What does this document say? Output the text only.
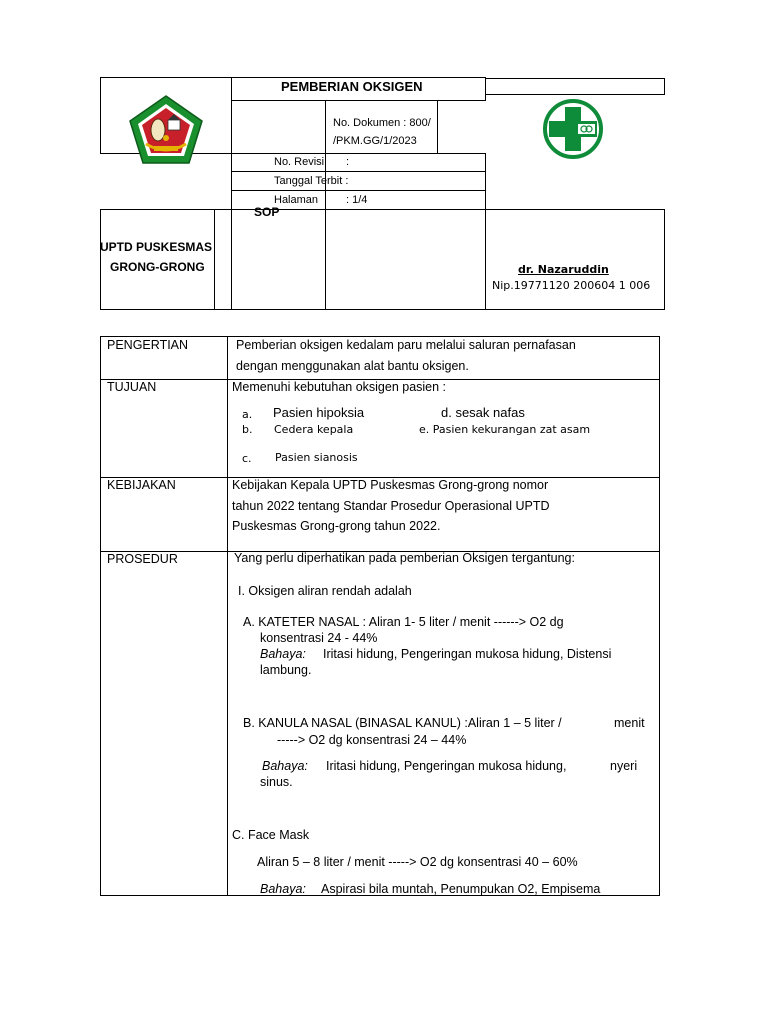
PEMBERIAN OKSIGEN
No. Dokumen : 800/
/PKM.GG/1/2023
No. Revisi :
Tanggal Terbit :
Halaman	: 1/4
SOP
UPTD PUSKESMAS
GRONG-GRONG	dr. Nazaruddin
Nip.19771120 200604 1 006
PENGERTIAN	Pemberian oksigen kedalam paru melalui saluran pernafasan
dengan menggunakan alat bantu oksigen.
TUJUAN	Memenuhi kebutuhan oksigen pasien :
a. Pasien hipoksia	d. sesak nafas
b. Cedera kepala	e. Pasien kekurangan zat asam
c. Pasien sianosis
KEBIJAKAN	Kebijakan Kepala UPTD Puskesmas Grong-grong nomor
tahun 2022 tentang Standar Prosedur Operasional UPTD
Puskesmas Grong-grong tahun 2022.
PROSEDUR	Yang perlu diperhatikan pada pemberian Oksigen tergantung:
I. Oksigen aliran rendah adalah
A. KATETER NASAL : Aliran 1- 5 liter / menit ------> O2 dg
konsentrasi 24 - 44%
Bahaya: Iritasi hidung, Pengeringan mukosa hidung, Distensi
lambung.
B. KANULA NASAL (BINASAL KANUL) :Aliran 1 – 5 liter /	menit
-----> O2 dg konsentrasi 24 – 44%
Bahaya: Iritasi hidung, Pengeringan mukosa hidung,	nyeri
sinus.
C. Face Mask
Aliran 5 – 8 liter / menit -----> O2 dg konsentrasi 40 – 60%
Bahaya: Aspirasi bila muntah, Penumpukan O2, Empisema
